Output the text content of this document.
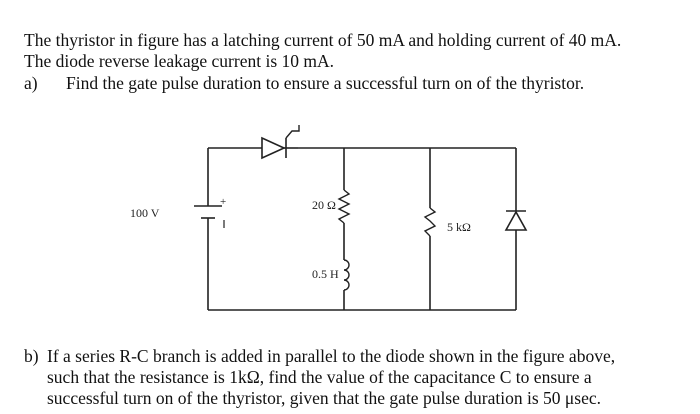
The thyristor in figure has a latching current of 50 mA and holding current of 40 mA.
The diode reverse leakage current is 10 mA.
a) Find the gate pulse duration to ensure a successful turn on of the thyristor.
100 V
+	20 Ω
0.5 H
5 kΩ
b) If a series R-C branch is added in parallel to the diode shown in the figure above,
such that the resistance is 1kΩ, find the value of the capacitance C to ensure a
successful turn on of the thyristor, given that the gate pulse duration is 50 μsec.
